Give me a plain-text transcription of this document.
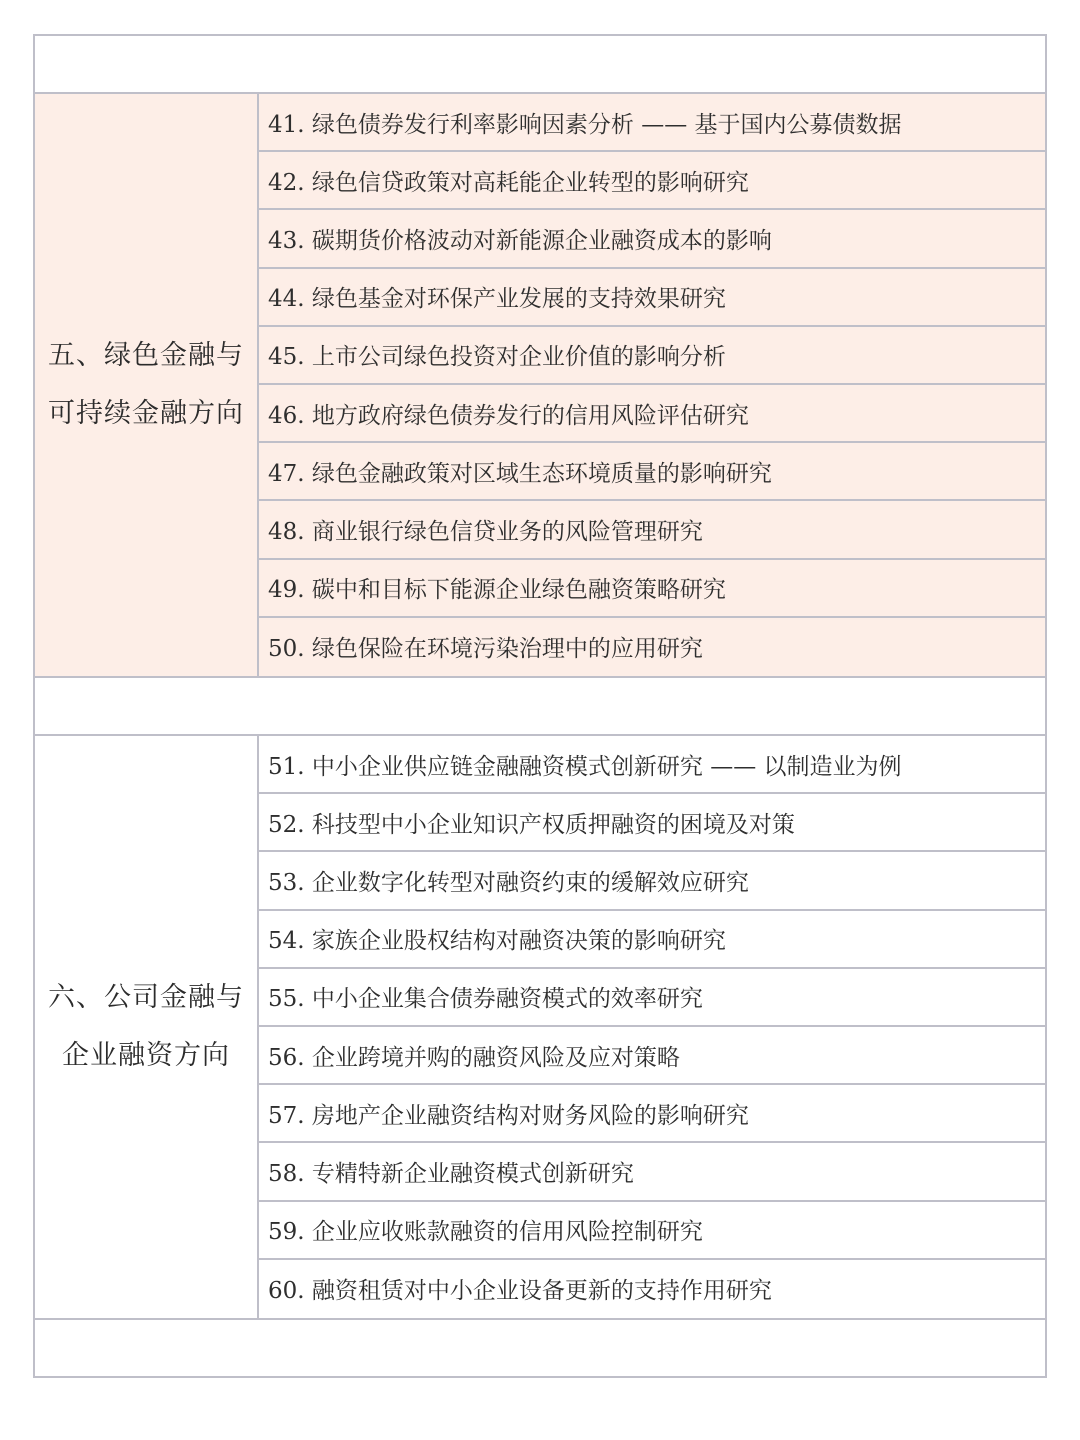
五、绿色金融与
可持续金融方向
41. 绿色债券发行利率影响因素分析 —— 基于国内公募债数据
42. 绿色信贷政策对高耗能企业转型的影响研究
43. 碳期货价格波动对新能源企业融资成本的影响
44. 绿色基金对环保产业发展的支持效果研究
45. 上市公司绿色投资对企业价值的影响分析
46. 地方政府绿色债券发行的信用风险评估研究
47. 绿色金融政策对区域生态环境质量的影响研究
48. 商业银行绿色信贷业务的风险管理研究
49. 碳中和目标下能源企业绿色融资策略研究
50. 绿色保险在环境污染治理中的应用研究
六、公司金融与
企业融资方向
51. 中小企业供应链金融融资模式创新研究 —— 以制造业为例
52. 科技型中小企业知识产权质押融资的困境及对策
53. 企业数字化转型对融资约束的缓解效应研究
54. 家族企业股权结构对融资决策的影响研究
55. 中小企业集合债券融资模式的效率研究
56. 企业跨境并购的融资风险及应对策略
57. 房地产企业融资结构对财务风险的影响研究
58. 专精特新企业融资模式创新研究
59. 企业应收账款融资的信用风险控制研究
60. 融资租赁对中小企业设备更新的支持作用研究
